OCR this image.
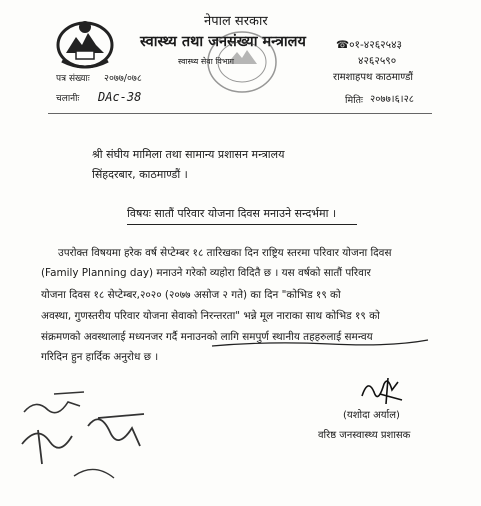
नेपाल सरकार
स्वास्थ्य तथा जनसंख्या मन्त्रालय
स्वास्थ्य सेवा विभाग
☎०१-४२६२५४३
४२६२५९०
रामशाहपथ काठमाण्डौं
पत्र संख्याः २०७७/०७८
चलानीः DAc-38	मितिः २०७७।६।२८
श्री संघीय मामिला तथा सामान्य प्रशासन मन्त्रालय
सिंहदरबार, काठमाण्डौं ।
विषयः सातौं परिवार योजना दिवस मनाउने सन्दर्भमा ।
उपरोक्त विषयमा हरेक वर्ष सेप्टेम्बर १८ तारिखका दिन राष्ट्रिय स्तरमा परिवार योजना दिवस
(Family Planning day) मनाउने गरेको व्यहोरा विदितै छ । यस वर्षको सातौं परिवार
योजना दिवस १८ सेप्टेम्बर,२०२० (२०७७ असोज २ गते) का दिन "कोभिड १९ को
अवस्था, गुणस्तरीय परिवार योजना सेवाको निरन्तरता" भन्ने मूल नाराका साथ कोभिड १९ को
संक्रमणको अवस्थालाई मध्यनजर गर्दै मनाउनको लागि समपुर्ण स्थानीय तहहरुलाई समन्वय
गरिदिन हुन हार्दिक अनुरोध छ ।
(यशोदा अर्याल)
वरिष्ठ जनस्वास्थ्य प्रशासक
